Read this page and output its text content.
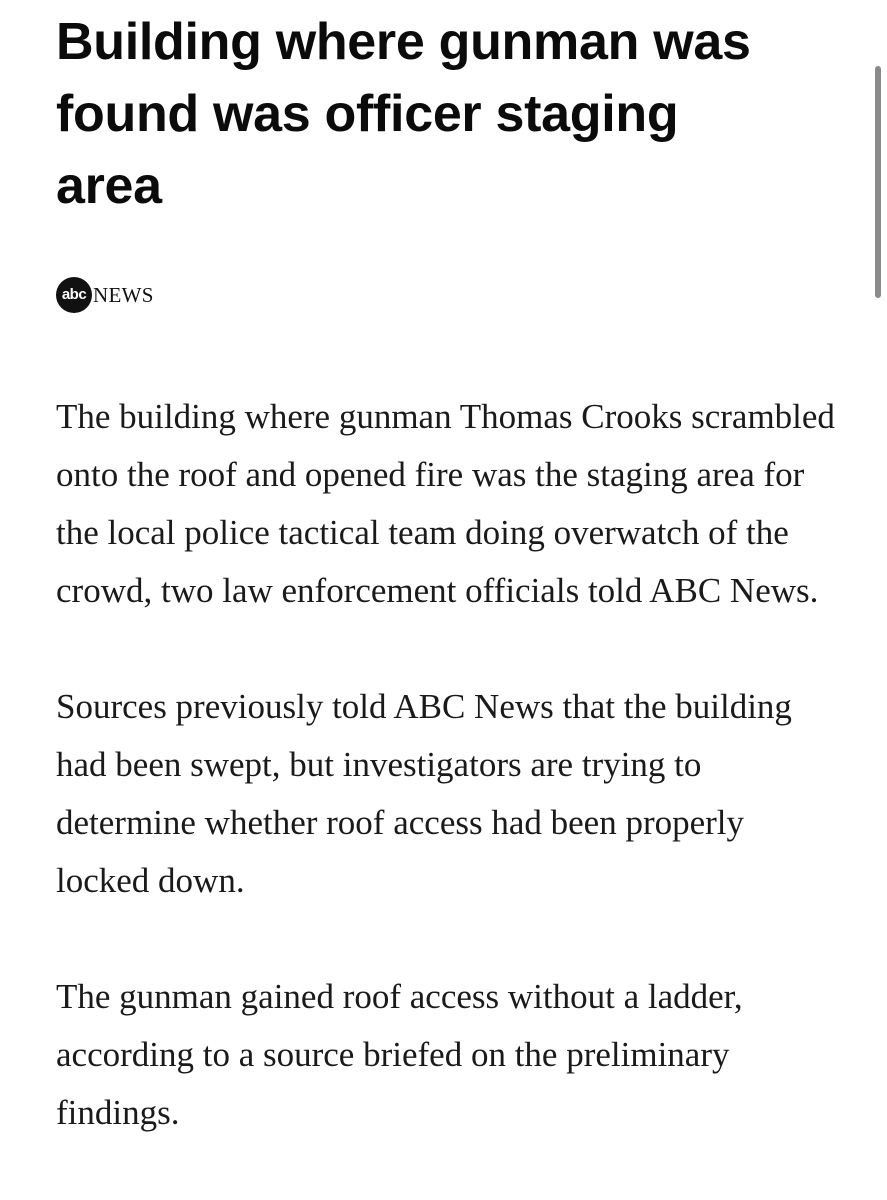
Building where gunman was found was officer staging area
abc NEWS

The building where gunman Thomas Crooks scrambled onto the roof and opened fire was the staging area for the local police tactical team doing overwatch of the crowd, two law enforcement officials told ABC News.

Sources previously told ABC News that the building had been swept, but investigators are trying to determine whether roof access had been properly locked down.

The gunman gained roof access without a ladder, according to a source briefed on the preliminary findings.
